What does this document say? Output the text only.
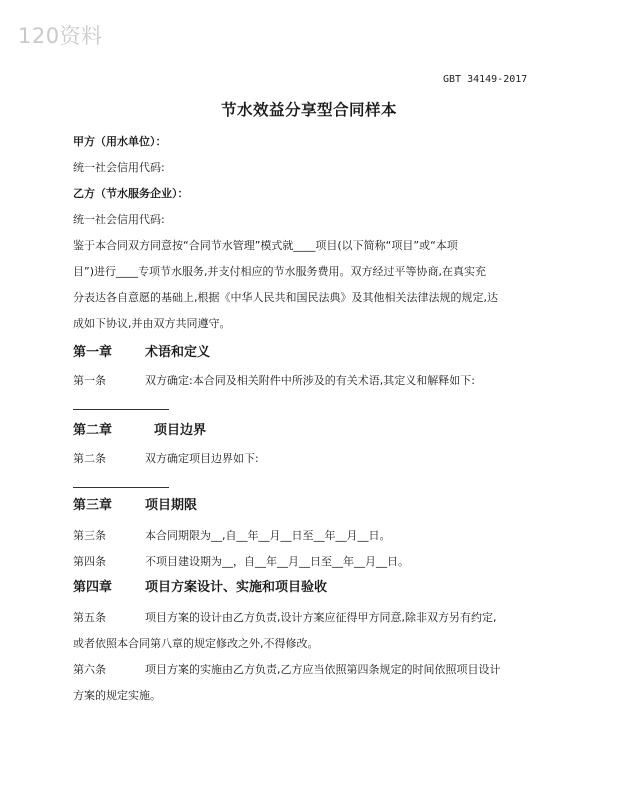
120资料
GBT 34149-2017
节水效益分享型合同样本
甲方（用水单位）：
统一社会信用代码:
乙方（节水服务企业）：
统一社会信用代码:
鉴于本合同双方同意按“合同节水管理”模式就____项目(以下简称“项目”或“本项
目”)进行____专项节水服务,并支付相应的节水服务费用。双方经过平等协商,在真实充
分表达各自意愿的基础上,根据《中华人民共和国民法典》及其他相关法律法规的规定,达
成如下协议,并由双方共同遵守。
第一章	术语和定义
第一条	双方确定:本合同及相关附件中所涉及的有关术语,其定义和解释如下:
第二章	项目边界
第二条	双方确定项目边界如下:
第三章	项目期限
第三条	本合同期限为__,自__年__月__日至__年__月__日。
第四条	不项目建设期为__，自__年__月__日至__年__月__日。
第四章	项目方案设计、实施和项目验收
第五条	项目方案的设计由乙方负责,设计方案应征得甲方同意,除非双方另有约定,
或者依照本合同第八章的规定修改之外,不得修改。
第六条	项目方案的实施由乙方负责,乙方应当依照第四条规定的时间依照项目设计
方案的规定实施。
